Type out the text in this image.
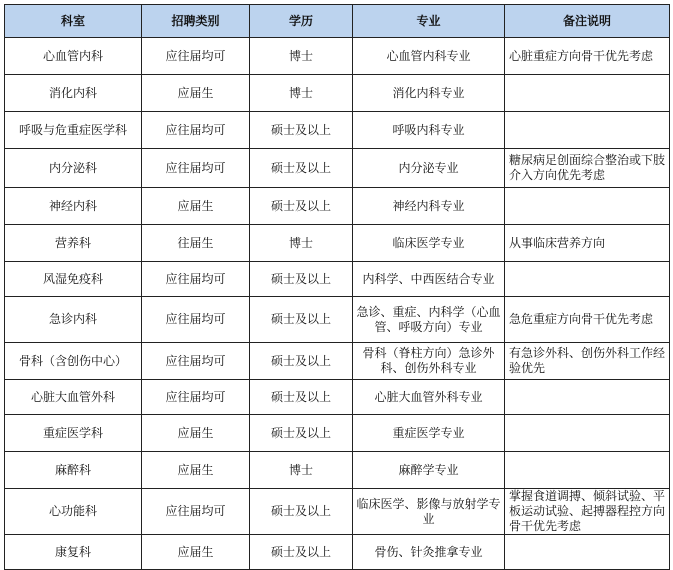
科室	招聘类别	学历	专业	备注说明
心血管内科	应往届均可	博士	心血管内科专业	心脏重症方向骨干优先考虑
消化内科	应届生	博士	消化内科专业	
呼吸与危重症医学科	应往届均可	硕士及以上	呼吸内科专业	
内分泌科	应往届均可	硕士及以上	内分泌专业	糖尿病足创面综合整治或下肢介入方向优先考虑
神经内科	应届生	硕士及以上	神经内科专业	
营养科	往届生	博士	临床医学专业	从事临床营养方向
风湿免疫科	应往届均可	硕士及以上	内科学、中西医结合专业	
急诊内科	应往届均可	硕士及以上	急诊、重症、内科学（心血管、呼吸方向）专业	急危重症方向骨干优先考虑
骨科（含创伤中心）	应往届均可	硕士及以上	骨科（脊柱方向）急诊外科、创伤外科专业	有急诊外科、创伤外科工作经验优先
心脏大血管外科	应往届均可	硕士及以上	心脏大血管外科专业	
重症医学科	应届生	硕士及以上	重症医学专业	
麻醉科	应届生	博士	麻醉学专业	
心功能科	应往届均可	硕士及以上	临床医学、影像与放射学专业	掌握食道调搏、倾斜试验、平板运动试验、起搏器程控方向骨干优先考虑
康复科	应届生	硕士及以上	骨伤、针灸推拿专业	
